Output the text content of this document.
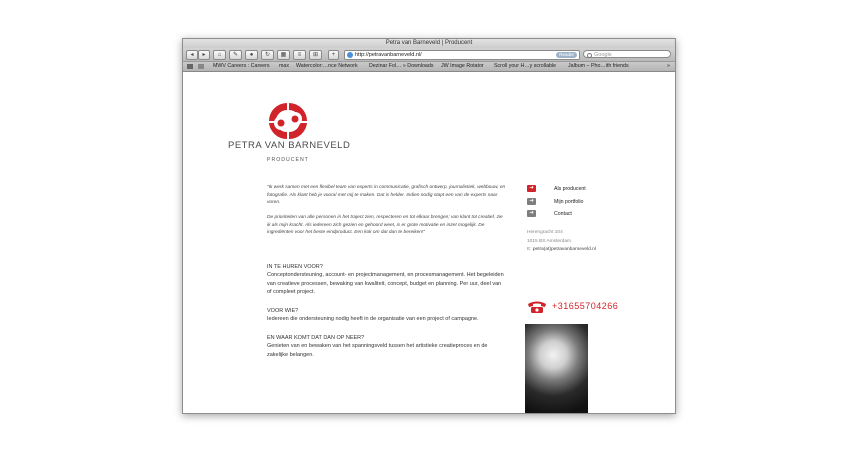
Petra van Barneveld | Producent
◂	▸	⌂	✎	●	↻	▦	≡	⊞	+	http://petravanbarneveld.nl/	Reader	Google
MWV Careers : Careers max Watercolor:…nce Network Dezinar Fol… » Downloads JW Image Rotator Scroll your H…y scrollable Jalbum – Pho…ith friends	»
PETRA VAN BARNEVELD
PRODUCENT

"Ik werk samen met een flexibel team van experts in communicatie, grafisch ontwerp, journalistiek, webbouw, en fotografie. Als klant heb je vooral met mij te maken. Dat is helder. Indien nodig stapt een van de experts naar voren.

De prioriteiten van alle personen in het traject zien, respecteren en tot elkaar brengen; van klant tot creatief, zie ik als mijn kracht. Als iedereen zich gezien en gehoord weet, is er grote motivatie en inzet mogelijk. De ingrediënten voor het beste eindproduct. Een kok om dat dan te bereiken!"

IN TE HUREN VOOR?
Conceptondersteuning, account- en projectmanagement, en procesmanagement. Het begeleiden van creatieve processen, bewaking van kwaliteit, concept, budget en planning. Per uur, deel van of compleet project.

VOOR WIE?
Iedereen die ondersteuning nodig heeft in de organisatie van een project of campagne.

EN WAAR KOMT DAT DAN OP NEER?
Genieten van en bewaken van het spanningsveld tussen het artistieke creatieproces en de zakelijke belangen.

➜	Als producent
➜	Mijn portfolio
➜	Contact
Herengracht 104
1015 BS Amsterdam
E: petra(at)petravanbarneveld.nl
+31655704266
